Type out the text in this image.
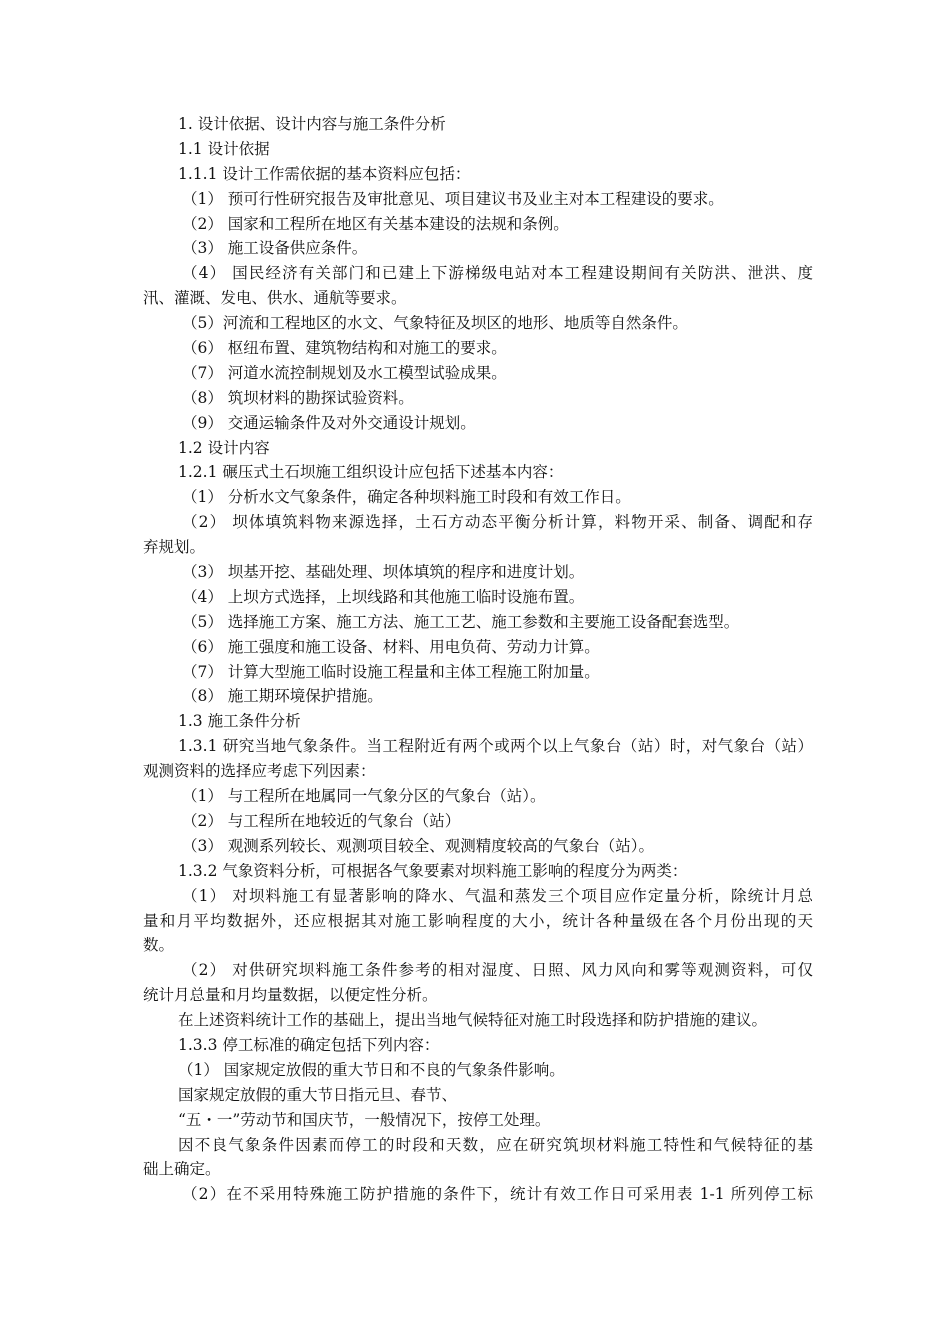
1. 设计依据、设计内容与施工条件分析
1.1 设计依据
1.1.1 设计工作需依据的基本资料应包括：
（1） 预可行性研究报告及审批意见、项目建议书及业主对本工程建设的要求。
（2） 国家和工程所在地区有关基本建设的法规和条例。
（3） 施工设备供应条件。
（4） 国民经济有关部门和已建上下游梯级电站对本工程建设期间有关防洪、泄洪、度
汛、灌溉、发电、供水、通航等要求。
（5）河流和工程地区的水文、气象特征及坝区的地形、地质等自然条件。
（6） 枢纽布置、建筑物结构和对施工的要求。
（7） 河道水流控制规划及水工模型试验成果。
（8） 筑坝材料的勘探试验资料。
（9） 交通运输条件及对外交通设计规划。
1.2 设计内容
1.2.1 碾压式土石坝施工组织设计应包括下述基本内容：
（1） 分析水文气象条件，确定各种坝料施工时段和有效工作日。
（2） 坝体填筑料物来源选择，土石方动态平衡分析计算，料物开采、制备、调配和存
弃规划。
（3） 坝基开挖、基础处理、坝体填筑的程序和进度计划。
（4） 上坝方式选择，上坝线路和其他施工临时设施布置。
（5） 选择施工方案、施工方法、施工工艺、施工参数和主要施工设备配套选型。
（6） 施工强度和施工设备、材料、用电负荷、劳动力计算。
（7） 计算大型施工临时设施工程量和主体工程施工附加量。
（8） 施工期环境保护措施。
1.3 施工条件分析
1.3.1 研究当地气象条件。当工程附近有两个或两个以上气象台（站）时，对气象台（站）
观测资料的选择应考虑下列因素：
（1） 与工程所在地属同一气象分区的气象台（站）。
（2） 与工程所在地较近的气象台（站）
（3） 观测系列较长、观测项目较全、观测精度较高的气象台（站）。
1.3.2 气象资料分析，可根据各气象要素对坝料施工影响的程度分为两类：
（1） 对坝料施工有显著影响的降水、气温和蒸发三个项目应作定量分析，除统计月总
量和月平均数据外，还应根据其对施工影响程度的大小，统计各种量级在各个月份出现的天
数。
（2） 对供研究坝料施工条件参考的相对湿度、日照、风力风向和雾等观测资料，可仅
统计月总量和月均量数据，以便定性分析。
在上述资料统计工作的基础上，提出当地气候特征对施工时段选择和防护措施的建议。
1.3.3 停工标准的确定包括下列内容：
（1） 国家规定放假的重大节日和不良的气象条件影响。
国家规定放假的重大节日指元旦、春节、
“五・一”劳动节和国庆节，一般情况下，按停工处理。
因不良气象条件因素而停工的时段和天数，应在研究筑坝材料施工特性和气候特征的基
础上确定。
（2）在不采用特殊施工防护措施的条件下，统计有效工作日可采用表 1-1 所列停工标
